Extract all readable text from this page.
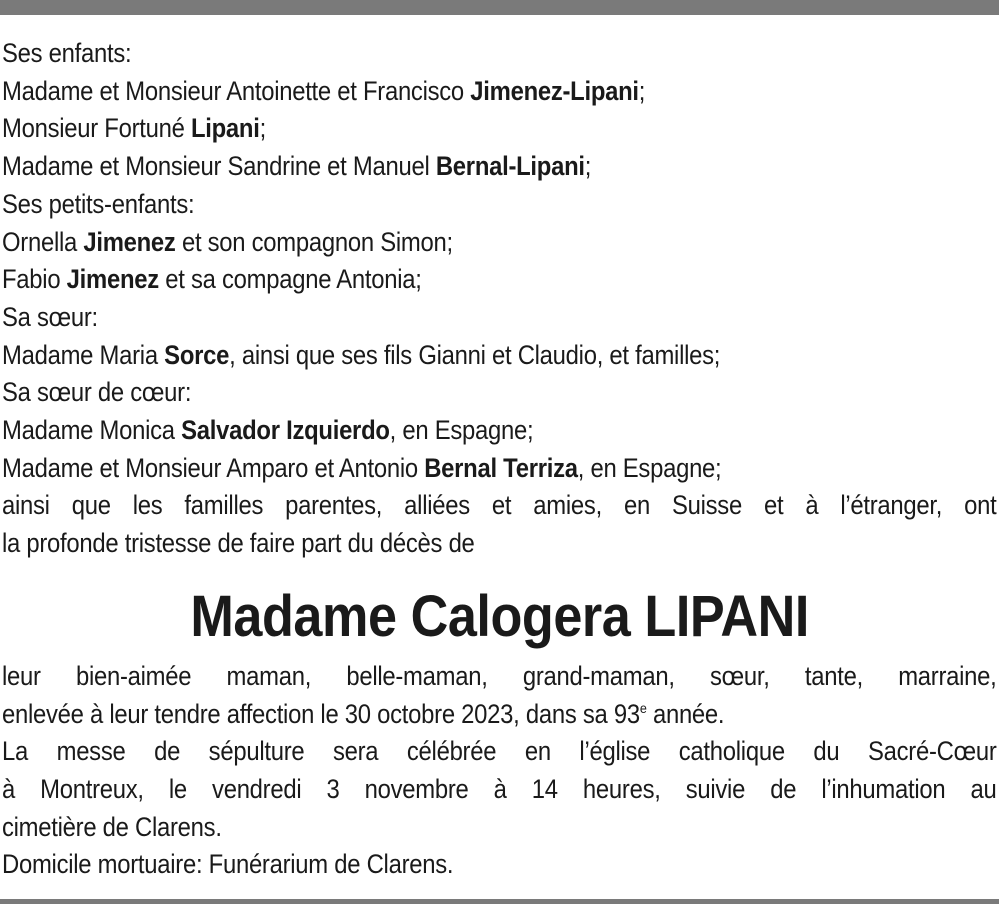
Ses enfants:
Madame et Monsieur Antoinette et Francisco Jimenez-Lipani;
Monsieur Fortuné Lipani;
Madame et Monsieur Sandrine et Manuel Bernal-Lipani;
Ses petits-enfants:
Ornella Jimenez et son compagnon Simon;
Fabio Jimenez et sa compagne Antonia;
Sa sœur:
Madame Maria Sorce, ainsi que ses fils Gianni et Claudio, et familles;
Sa sœur de cœur:
Madame Monica Salvador Izquierdo, en Espagne;
Madame et Monsieur Amparo et Antonio Bernal Terriza, en Espagne;
ainsi que les familles parentes, alliées et amies, en Suisse et à l’étranger, ont
la profonde tristesse de faire part du décès de
Madame Calogera LIPANI
leur bien-aimée maman, belle-maman, grand-maman, sœur, tante, marraine,
enlevée à leur tendre affection le 30 octobre 2023, dans sa 93e année.
La messe de sépulture sera célébrée en l’église catholique du Sacré-Cœur
à Montreux, le vendredi 3 novembre à 14 heures, suivie de l’inhumation au
cimetière de Clarens.
Domicile mortuaire: Funérarium de Clarens.
